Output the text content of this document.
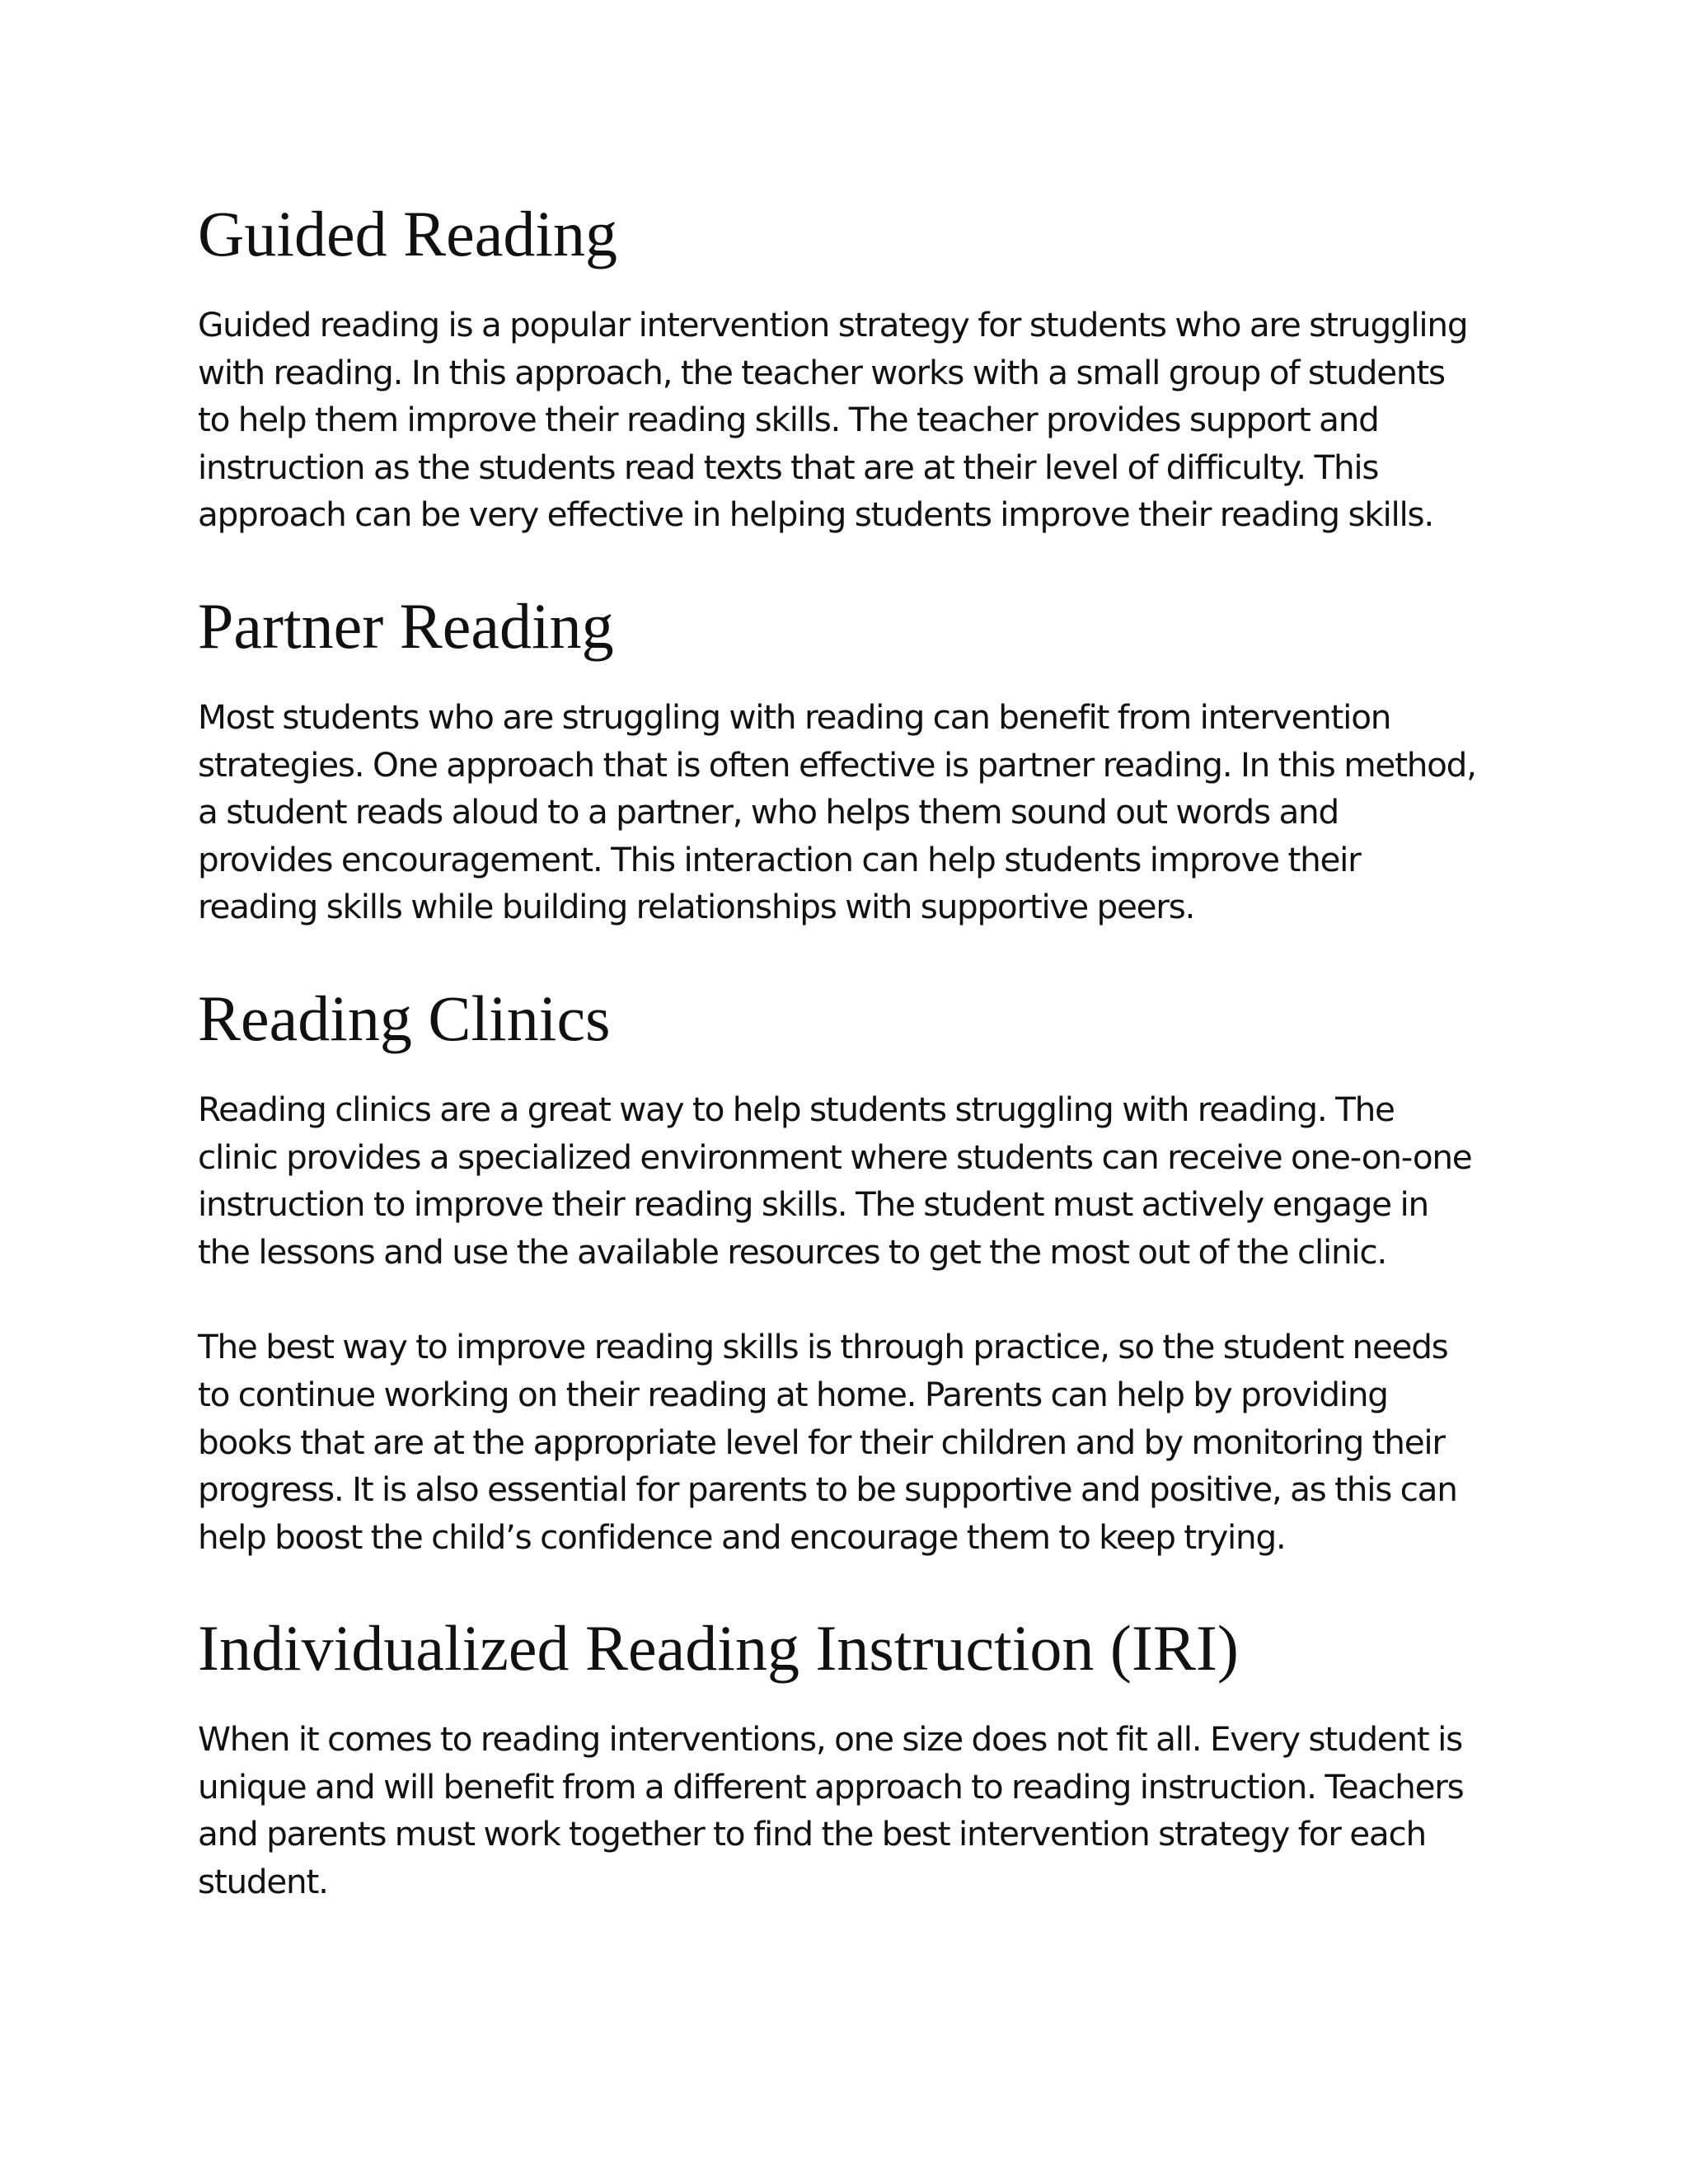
Guided Reading

Guided reading is a popular intervention strategy for students who are struggling
with reading. In this approach, the teacher works with a small group of students
to help them improve their reading skills. The teacher provides support and
instruction as the students read texts that are at their level of difficulty. This
approach can be very effective in helping students improve their reading skills.

Partner Reading

Most students who are struggling with reading can benefit from intervention
strategies. One approach that is often effective is partner reading. In this method,
a student reads aloud to a partner, who helps them sound out words and
provides encouragement. This interaction can help students improve their
reading skills while building relationships with supportive peers.

Reading Clinics

Reading clinics are a great way to help students struggling with reading. The
clinic provides a specialized environment where students can receive one-on-one
instruction to improve their reading skills. The student must actively engage in
the lessons and use the available resources to get the most out of the clinic.

The best way to improve reading skills is through practice, so the student needs
to continue working on their reading at home. Parents can help by providing
books that are at the appropriate level for their children and by monitoring their
progress. It is also essential for parents to be supportive and positive, as this can
help boost the child’s confidence and encourage them to keep trying.

Individualized Reading Instruction (IRI)

When it comes to reading interventions, one size does not fit all. Every student is
unique and will benefit from a different approach to reading instruction. Teachers
and parents must work together to find the best intervention strategy for each
student.
